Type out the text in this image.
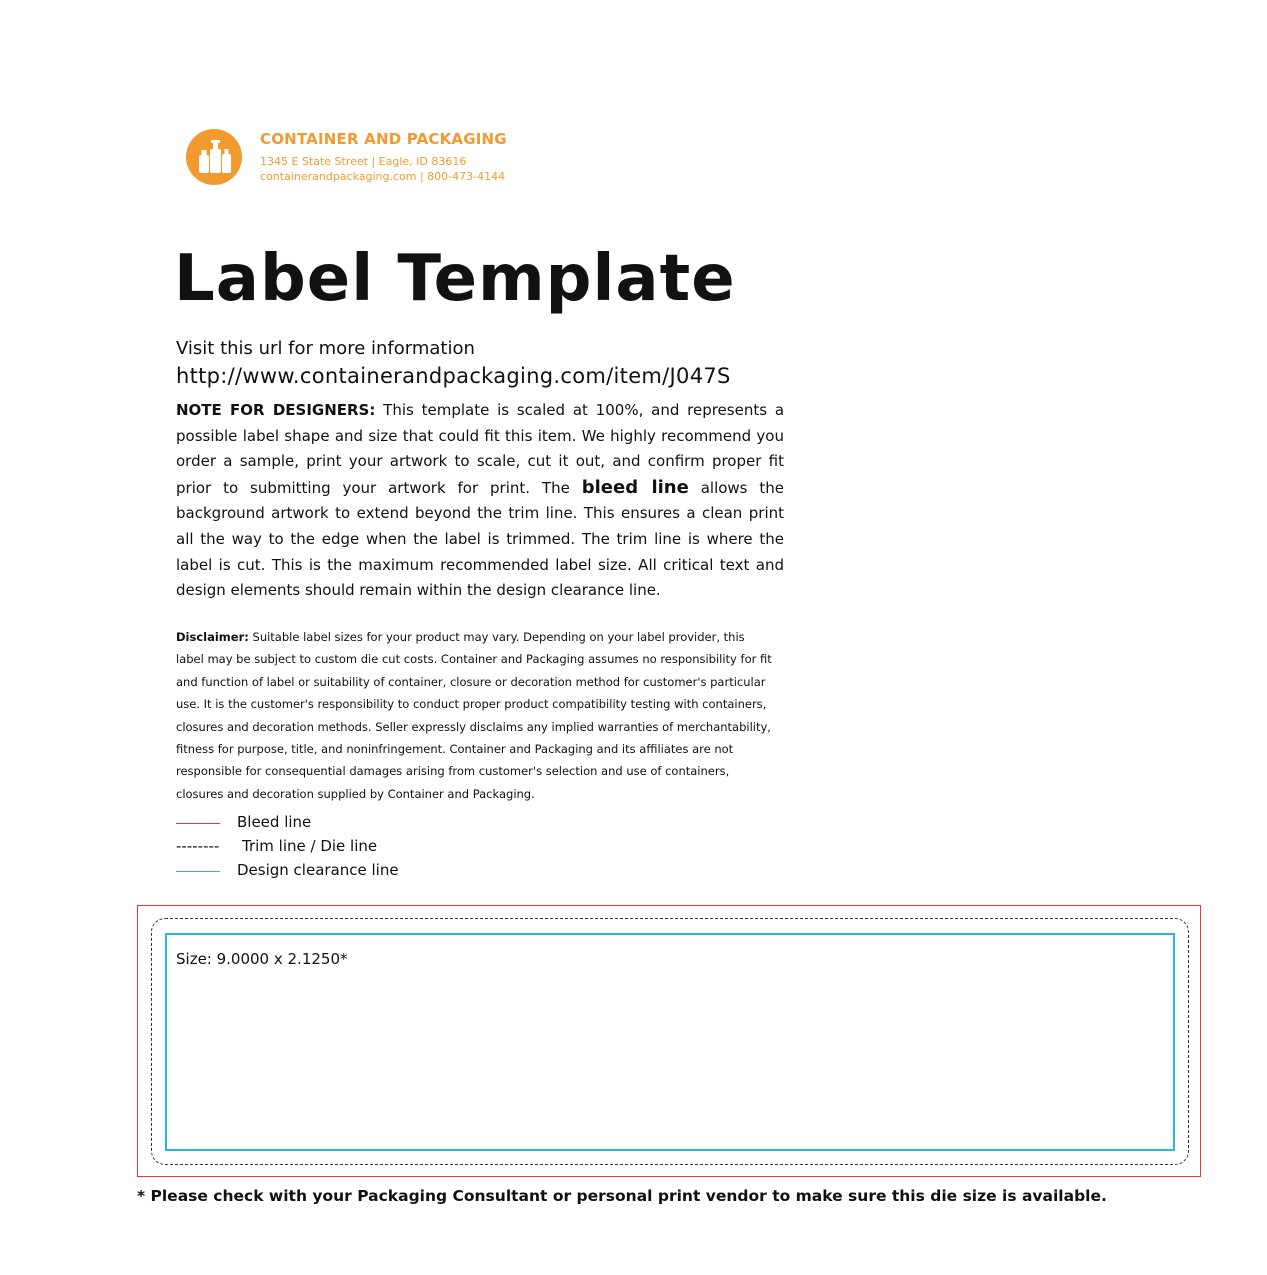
CONTAINER AND PACKAGING
1345 E State Street | Eagle, ID 83616
containerandpackaging.com | 800-473-4144
Label Template
Visit this url for more information
http://www.containerandpackaging.com/item/J047S
NOTE FOR DESIGNERS: This template is scaled at 100%, and represents a possible label shape and size that could fit this item. We highly recommend you order a sample, print your artwork to scale, cut it out, and confirm proper fit prior to submitting your artwork for print. The bleed line allows the background artwork to extend beyond the trim line. This ensures a clean print all the way to the edge when the label is trimmed. The trim line is where the label is cut. This is the maximum recommended label size. All critical text and design elements should remain within the design clearance line.
Disclaimer: Suitable label sizes for your product may vary. Depending on your label provider, this label may be subject to custom die cut costs. Container and Packaging assumes no responsibility for fit and function of label or suitability of container, closure or decoration method for customer's particular use. It is the customer's responsibility to conduct proper product compatibility testing with containers, closures and decoration methods. Seller expressly disclaims any implied warranties of merchantability, fitness for purpose, title, and noninfringement. Container and Packaging and its affiliates are not responsible for consequential damages arising from customer's selection and use of containers, closures and decoration supplied by Container and Packaging.
Bleed line
-------- Trim line / Die line
Design clearance line
Size: 9.0000 x 2.1250*
* Please check with your Packaging Consultant or personal print vendor to make sure this die size is available.
